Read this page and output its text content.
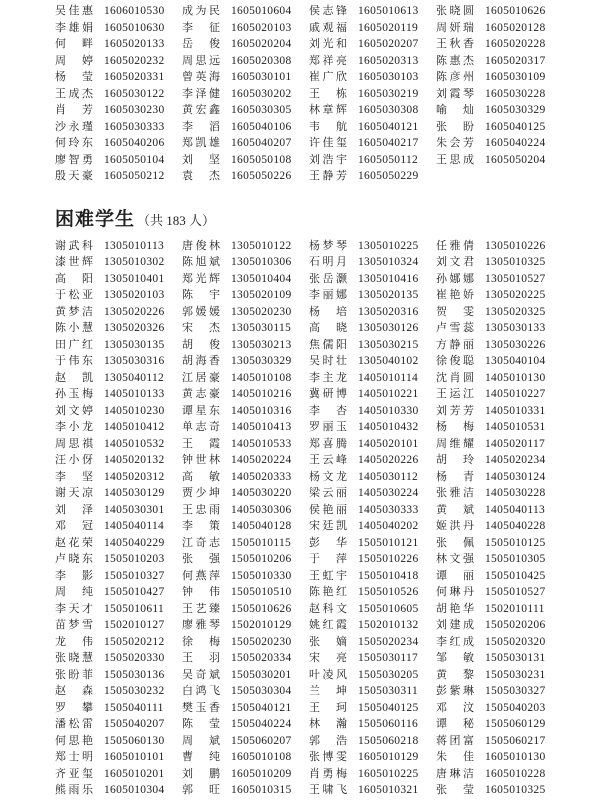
吴佳惠 1606010530 成为民 1605010604 侯志锋 1605010613 张晓圆 1605010626
李雄娟 1605010630 李征 1605020103 戚观福 1605020119 周妍瑞 1605020128
何畔 1605020133 岳俊 1605020204 刘光和 1605020207 王秋香 1605020228
周婷 1605020232 周思远 1605020308 郑祥亮 1605020313 陈惠杰 1605020317
杨莹 1605020331 曾英海 1605030101 崔广欣 1605030103 陈彦州 1605030109
王成杰 1605030122 李泽健 1605030202 王栋 1605030219 刘霞琴 1605030228
肖芳 1605030230 黄宏鑫 1605030305 林章辉 1605030308 喻灿 1605030329
沙永瑾 1605030333 李滔 1605040106 韦航 1605040121 张盼 1605040125
何玲东 1605040206 郑凯雄 1605040207 许佳玺 1605040217 朱会芳 1605040224
廖智勇 1605050104 刘坚 1605050108 刘浩宇 1605050112 王思成 1605050204
殷天豪 1605050212 袁杰 1605050226 王静芳 1605050229
困难学生 （共 183 人）
谢武科 1305010113 唐俊林 1305010122 杨梦琴 1305010225 任雅倩 1305010226
漆世辉 1305010302 陈旭斌 1305010306 石明月 1305010324 刘文君 1305010325
高阳 1305010401 郑光辉 1305010404 张岳灏 1305010416 孙娜娜 1305010527
于松亚 1305020103 陈宇 1305020109 李丽娜 1305020135 崔艳娇 1305020225
黄梦洁 1305020226 郭媛媛 1305020230 杨培 1305020316 贺雯 1305020325
陈小慧 1305020326 宋杰 1305030115 高晓 1305030126 卢雪蕊 1305030133
田广红 1305030135 胡俊 1305030213 焦儒阳 1305030215 方静丽 1305030226
于伟东 1305030316 胡海香 1305030329 吴时壮 1305040102 徐俊聪 1305040104
赵凯 1305040112 江居豪 1405010108 李主龙 1405010114 沈肖圆 1405010130
孙玉梅 1405010133 黄志豪 1405010216 冀研博 1405010221 王运江 1405010227
刘文婷 1405010230 谭星东 1405010316 李杏 1405010330 刘芳芳 1405010331
李小龙 1405010412 单志奇 1405010413 罗丽玉 1405010432 杨梅 1405010531
周思祺 1405010532 王霞 1405010533 郑喜腾 1405020101 周维耀 1405020117
汪小伢 1405020132 钟世林 1405020224 王云峰 1405020226 胡玲 1405020234
李坚 1405020312 高敏 1405020333 杨文龙 1405030112 杨青 1405030124
谢天凉 1405030129 贾少坤 1405030220 梁云丽 1405030224 张雅洁 1405030228
刘泽 1405030301 王忠雨 1405030306 侯艳丽 1405030333 黄斌 1405040113
邓冠 1405040114 李策 1405040128 宋廷凯 1405040202 姬洪丹 1405040228
赵花荣 1405040229 江奇志 1505010115 彭华 1505010121 张佩 1505010125
卢晓东 1505010203 张强 1505010206 于萍 1505010226 林文强 1505010305
李影 1505010327 何燕萍 1505010330 王虹宇 1505010418 谭丽 1505010425
周纯 1505010427 钟伟 1505010510 陈艳红 1505010526 何琳丹 1505010527
李天才 1505010611 王艺臻 1505010626 赵科文 1505010605 胡艳华 1502010111
苗梦雪 1502010127 廖雅琴 1502010129 姚红霞 1502010132 刘建成 1505020206
龙伟 1505020212 徐梅 1505020230 张嫡 1505020234 李红成 1505020320
张晓慧 1505020330 王羽 1505020334 宋亮 1505030117 邹敏 1505030131
张盼菲 1505030136 吴奇斌 1505030201 叶凌风 1505030205 黄黎 1505030231
赵森 1505030232 白鸿飞 1505030304 兰坤 1505030311 彭紫琳 1505030327
罗攀 1505040111 樊玉香 1505040121 王珂 1505040125 邓汶 1505040203
潘松雷 1505040207 陈莹 1505040224 林瀚 1505060116 谭秘 1505060129
何思艳 1505060130 周斌 1505060207 郭浩 1505060218 蒋团富 1505060217
郑士明 1605010101 曹纯 1605010108 张博雯 1605010129 朱佳 1605010130
齐亚玺 1605010201 刘鹏 1605010209 肖勇梅 1605010225 唐琳洁 1605010228
熊雨乐 1605010304 郭旺 1605010315 王啸飞 1605010321 张莹 1605010325
